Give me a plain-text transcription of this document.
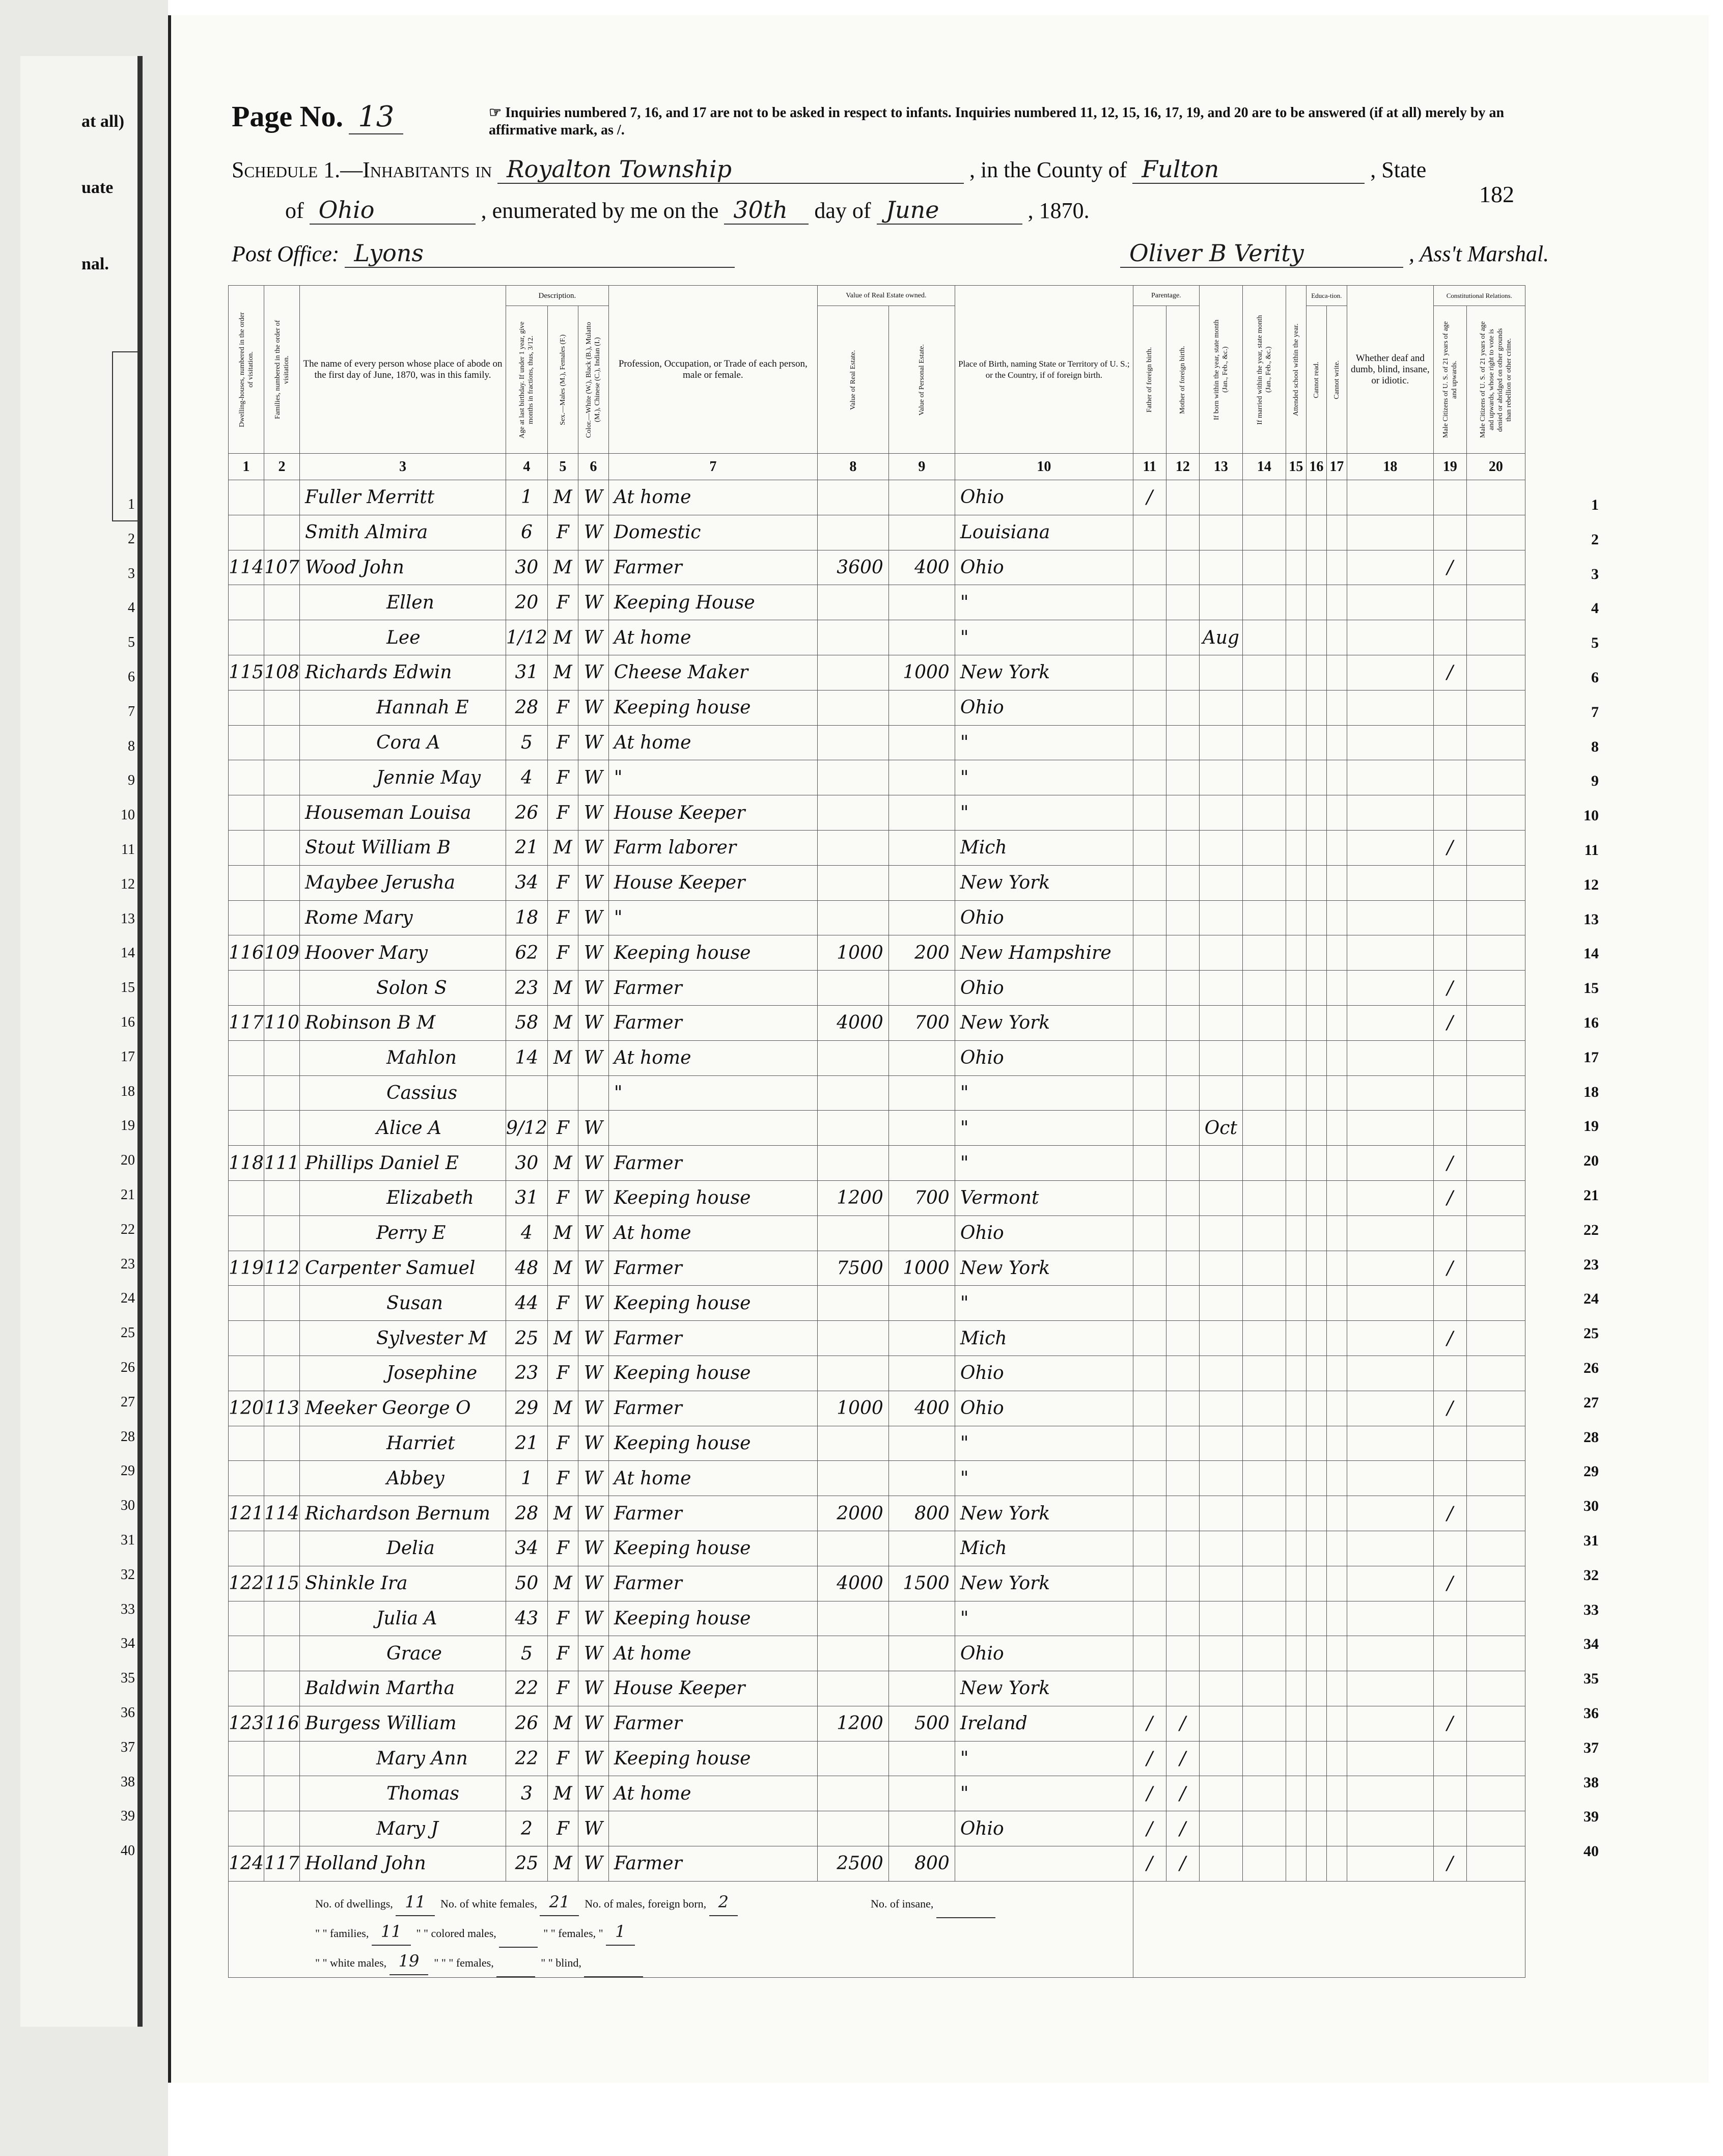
at all)
uate
nal.
1
2
3
4
5
6
7
8
9
10
11
12
13
14
15
16
17
18
19
20
21
22
23
24
25
26
27
28
29
30
31
32
33
34
35
36
37
38
39
40
Page No. 13	☞ Inquiries numbered 7, 16, and 17 are not to be asked in respect to infants. Inquiries numbered 11, 12, 15, 16, 17, 19, and 20 are to be answered (if at all) merely by an affirmative mark, as /.
Schedule 1.—Inhabitants in Royalton Township	, in the County of Fulton	, State
of Ohio	, enumerated by me on the 30th day of June	, 1870.
182
Post Office: Lyons	Oliver B Verity	, Ass't Marshal.
Dwelling-houses, numbered in the order of visitation.	Families, numbered in the order of visitation.	The name of every person whose place of abode on the first day of June, 1870, was in this family.	Description.			Profession, Occupation, or Trade of each person, male or female.	Value of Real Estate owned.		Place of Birth, naming State or Territory of U. S.; or the Country, if of foreign birth.	Parentage.		If born within the year, state month (Jan., Feb., &c.)	If married within the year, state month (Jan., Feb., &c.)	Attended school within the year.	Educa-tion.		Whether deaf and dumb, blind, insane, or idiotic.	Constitutional Relations.	

			Age at last birthday. If under 1 year, give months in fractions, thus, 3/12.	Sex.—Males (M.), Females (F.)	Color.—White (W.), Black (B.), Mulatto (M.), Chinese (C.), Indian (I.)		Value of Real Estate.	Value of Personal Estate.		Father of foreign birth.	Mother of foreign birth.				Cannot read.	Cannot write.		Male Citizens of U. S. of 21 years of age and upwards.	Male Citizens of U. S. of 21 years of age and upwards, whose right to vote is denied or abridged on other grounds than rebellion or other crime.

1	2	3	4	5	6	7	8	9	10	11	12	13	14	15	16	17	18	19	20
		Fuller Merritt	1	M	W	At home			Ohio	/									
		Smith Almira	6	F	W	Domestic			Louisiana										
114	107	Wood John	30	M	W	Farmer	3600	400	Ohio									/	
		Ellen	20	F	W	Keeping House			"										
		Lee	1/12	M	W	At home			"			Aug							
115	108	Richards Edwin	31	M	W	Cheese Maker		1000	New York									/	
		Hannah E	28	F	W	Keeping house			Ohio										
		Cora A	5	F	W	At home			"										
		Jennie May	4	F	W	"			"										
		Houseman Louisa	26	F	W	House Keeper			"										
		Stout William B	21	M	W	Farm laborer			Mich									/	
		Maybee Jerusha	34	F	W	House Keeper			New York										
		Rome Mary	18	F	W	"			Ohio										
116	109	Hoover Mary	62	F	W	Keeping house	1000	200	New Hampshire										
		Solon S	23	M	W	Farmer			Ohio									/	
117	110	Robinson B M	58	M	W	Farmer	4000	700	New York									/	
		Mahlon	14	M	W	At home			Ohio										
		Cassius				"			"										
		Alice A	9/12	F	W				"			Oct							
118	111	Phillips Daniel E	30	M	W	Farmer			"									/	
		Elizabeth	31	F	W	Keeping house	1200	700	Vermont									/	
		Perry E	4	M	W	At home			Ohio										
119	112	Carpenter Samuel	48	M	W	Farmer	7500	1000	New York									/	
		Susan	44	F	W	Keeping house			"										
		Sylvester M	25	M	W	Farmer			Mich									/	
		Josephine	23	F	W	Keeping house			Ohio										
120	113	Meeker George O	29	M	W	Farmer	1000	400	Ohio									/	
		Harriet	21	F	W	Keeping house			"										
		Abbey	1	F	W	At home			"										
121	114	Richardson Bernum	28	M	W	Farmer	2000	800	New York									/	
		Delia	34	F	W	Keeping house			Mich										
122	115	Shinkle Ira	50	M	W	Farmer	4000	1500	New York									/	
		Julia A	43	F	W	Keeping house			"										
		Grace	5	F	W	At home			Ohio										
		Baldwin Martha	22	F	W	House Keeper			New York										
123	116	Burgess William	26	M	W	Farmer	1200	500	Ireland	/	/							/	
		Mary Ann	22	F	W	Keeping house			"	/	/								
		Thomas	3	M	W	At home			"	/	/								
		Mary J	2	F	W				Ohio	/	/								
124	117	Holland John	25	M	W	Farmer	2500	800		/	/							/	

No. of dwellings, 11 No. of white females, 21 No. of males, foreign born, 2 No. of insane,
" " families, 11 " " colored males, " " females, " 1
" " white males, 19 " " " females, " " blind,																			

1
2
3
4
5
6
7
8
9
10
11
12
13
14
15
16
17
18
19
20
21
22
23
24
25
26
27
28
29
30
31
32
33
34
35
36
37
38
39
40
